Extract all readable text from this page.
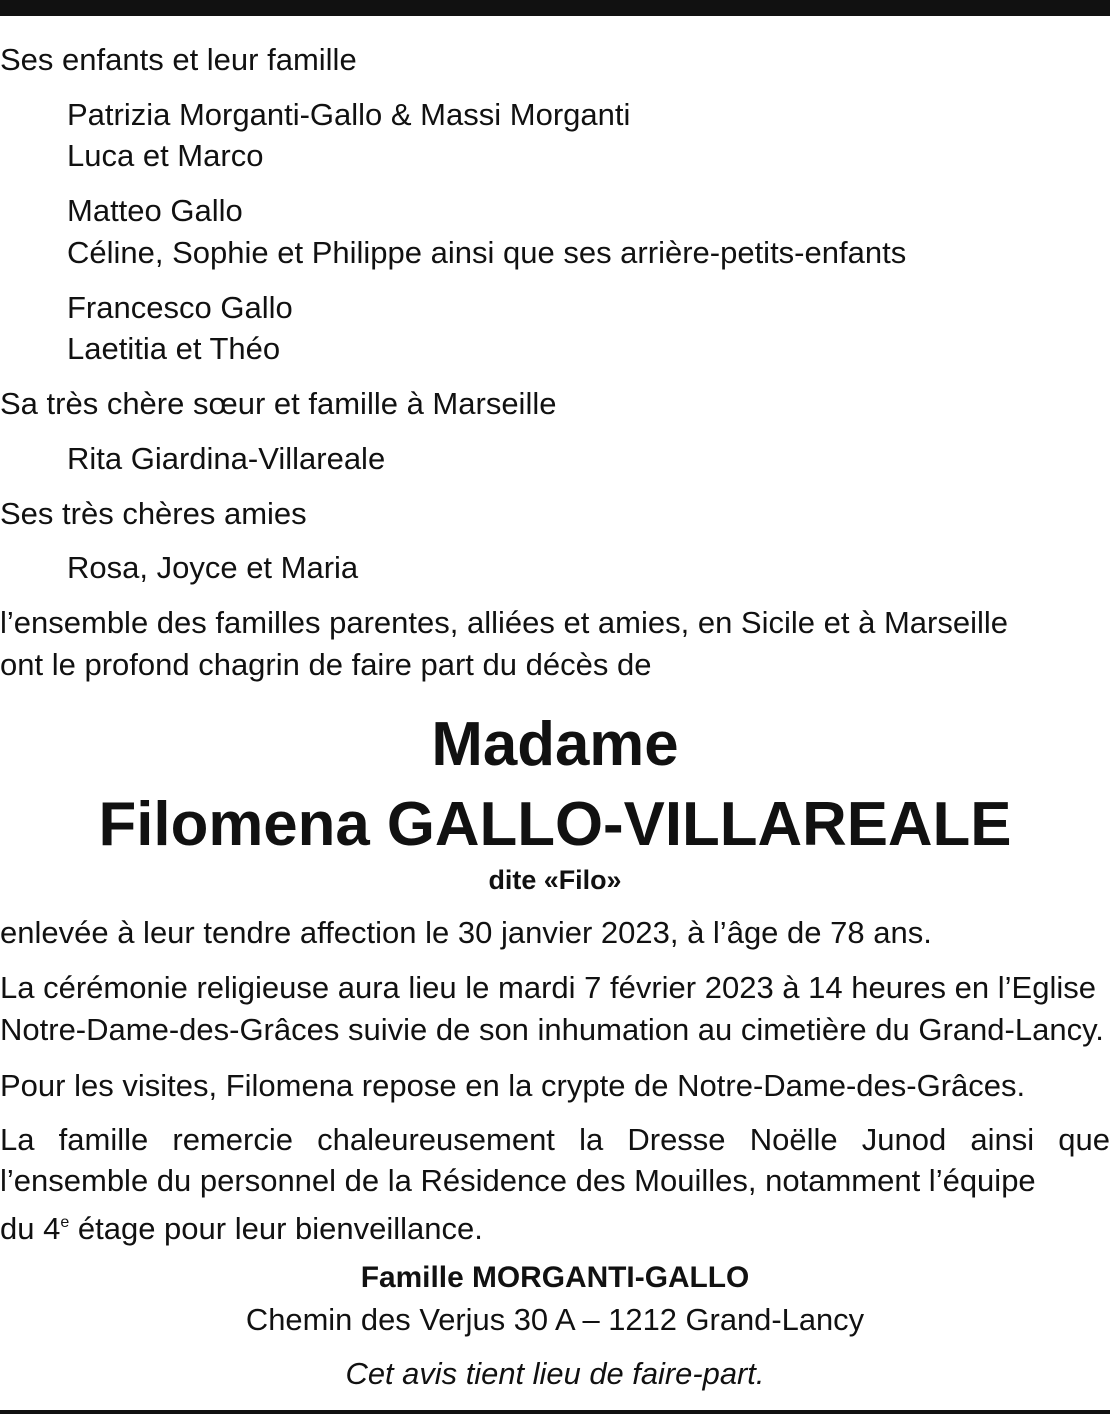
Ses enfants et leur famille
Patrizia Morganti-Gallo & Massi Morganti
Luca et Marco
Matteo Gallo
Céline, Sophie et Philippe ainsi que ses arrière-petits-enfants
Francesco Gallo
Laetitia et Théo
Sa très chère sœur et famille à Marseille
Rita Giardina-Villareale
Ses très chères amies
Rosa, Joyce et Maria
l’ensemble des familles parentes, alliées et amies, en Sicile et à Marseille
ont le profond chagrin de faire part du décès de
Madame
Filomena GALLO-VILLAREALE
dite «Filo»
enlevée à leur tendre affection le 30 janvier 2023, à l’âge de 78 ans.
La cérémonie religieuse aura lieu le mardi 7 février 2023 à 14 heures en l’Eglise
Notre-Dame-des-Grâces suivie de son inhumation au cimetière du Grand-Lancy.
Pour les visites, Filomena repose en la crypte de Notre-Dame-des-Grâces.
La famille remercie chaleureusement la Dresse Noëlle Junod ainsi que
l’ensemble du personnel de la Résidence des Mouilles, notamment l’équipe
du 4e étage pour leur bienveillance.
Famille MORGANTI-GALLO
Chemin des Verjus 30 A – 1212 Grand-Lancy
Cet avis tient lieu de faire-part.
